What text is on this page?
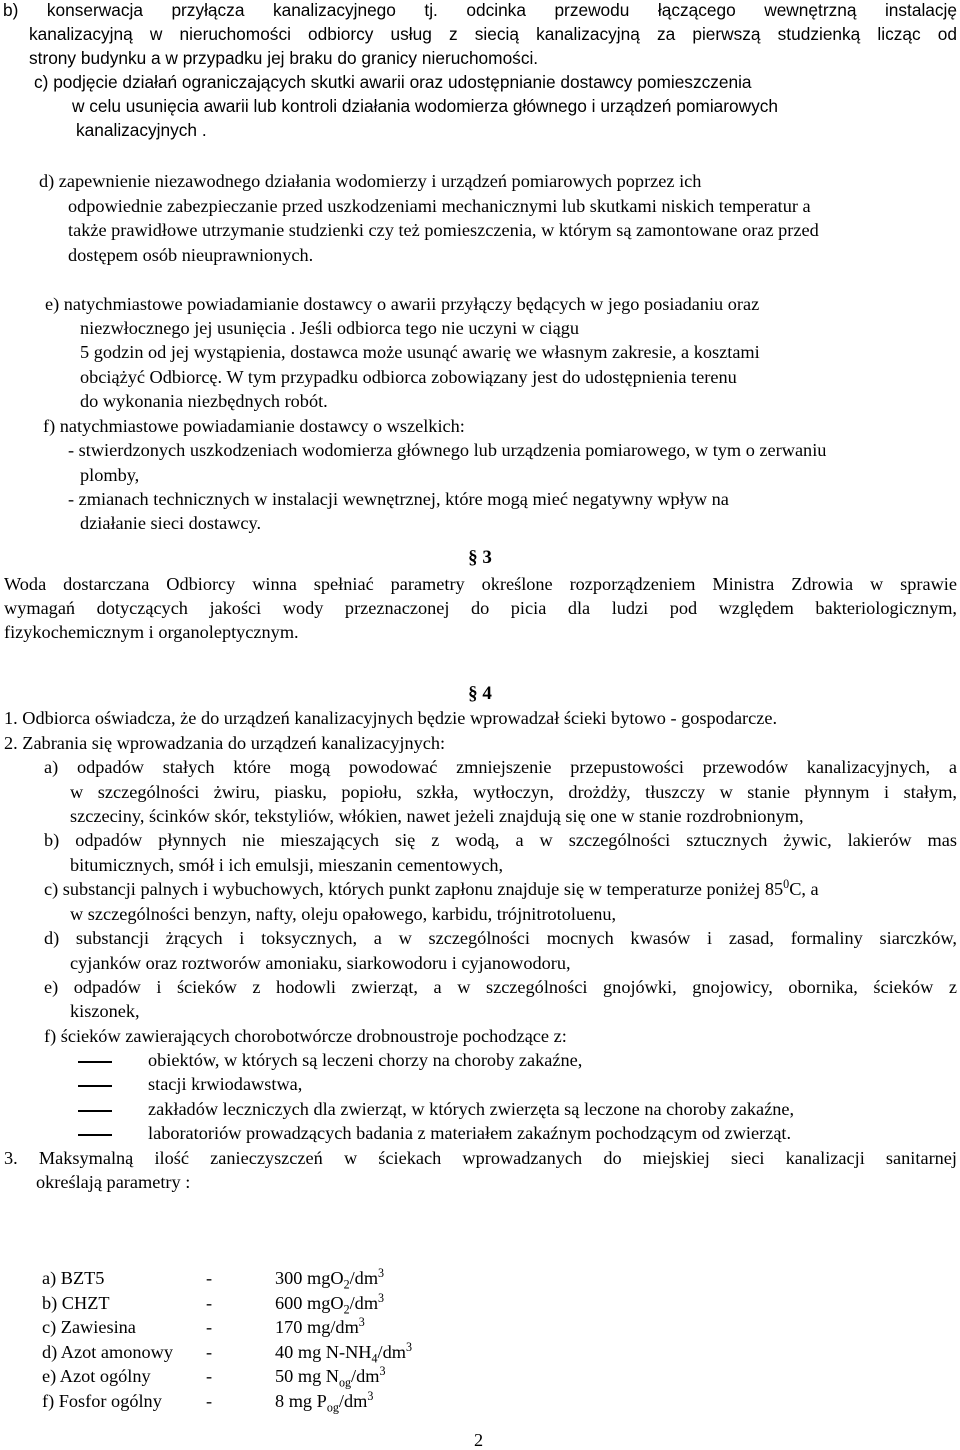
b) konserwacja przyłącza kanalizacyjnego tj. odcinka przewodu łączącego wewnętrzną instalację
kanalizacyjną w nieruchomości odbiorcy usług z siecią kanalizacyjną za pierwszą studzienką licząc od
strony budynku a w przypadku jej braku do granicy nieruchomości.
c) podjęcie działań ograniczających skutki awarii oraz udostępnianie dostawcy pomieszczenia
w celu usunięcia awarii lub kontroli działania wodomierza głównego i urządzeń pomiarowych
kanalizacyjnych .
d) zapewnienie niezawodnego działania wodomierzy i urządzeń pomiarowych poprzez ich
odpowiednie zabezpieczanie przed uszkodzeniami mechanicznymi lub skutkami niskich temperatur a
także prawidłowe utrzymanie studzienki czy też pomieszczenia, w którym są zamontowane oraz przed
dostępem osób nieuprawnionych.
e) natychmiastowe powiadamianie dostawcy o awarii przyłączy będących w jego posiadaniu oraz
niezwłocznego jej usunięcia . Jeśli odbiorca tego nie uczyni w ciągu
5 godzin od jej wystąpienia, dostawca może usunąć awarię we własnym zakresie, a kosztami
obciążyć Odbiorcę. W tym przypadku odbiorca zobowiązany jest do udostępnienia terenu
do wykonania niezbędnych robót.
f) natychmiastowe powiadamianie dostawcy o wszelkich:
- stwierdzonych uszkodzeniach wodomierza głównego lub urządzenia pomiarowego, w tym o zerwaniu
plomby,
- zmianach technicznych w instalacji wewnętrznej, które mogą mieć negatywny wpływ na
działanie sieci dostawcy.
§ 3
Woda dostarczana Odbiorcy winna spełniać parametry określone rozporządzeniem Ministra Zdrowia w sprawie
wymagań dotyczących jakości wody przeznaczonej do picia dla ludzi pod względem bakteriologicznym,
fizykochemicznym i organoleptycznym.
§ 4
1. Odbiorca oświadcza, że do urządzeń kanalizacyjnych będzie wprowadzał ścieki bytowo - gospodarcze.
2. Zabrania się wprowadzania do urządzeń kanalizacyjnych:
a) odpadów stałych które mogą powodować zmniejszenie przepustowości przewodów kanalizacyjnych, a
w szczególności żwiru, piasku, popiołu, szkła, wytłoczyn, drożdży, tłuszczy w stanie płynnym i stałym,
szczeciny, ścinków skór, tekstyliów, włókien, nawet jeżeli znajdują się one w stanie rozdrobnionym,
b) odpadów płynnych nie mieszających się z wodą, a w szczególności sztucznych żywic, lakierów mas
bitumicznych, smół i ich emulsji, mieszanin cementowych,
c) substancji palnych i wybuchowych, których punkt zapłonu znajduje się w temperaturze poniżej $85^0C$, a
w szczególności benzyn, nafty, oleju opałowego, karbidu, trójnitrotoluenu,
d) substancji żrących i toksycznych, a w szczególności mocnych kwasów i zasad, formaliny siarczków,
cyjanków oraz roztworów amoniaku, siarkowodoru i cyjanowodoru,
e) odpadów i ścieków z hodowli zwierząt, a w szczególności gnojówki, gnojowicy, obornika, ścieków z
kiszonek,
f) ścieków zawierających chorobotwórcze drobnoustroje pochodzące z:
obiektów, w których są leczeni chorzy na choroby zakaźne,
stacji krwiodawstwa,
zakładów leczniczych dla zwierząt, w których zwierzęta są leczone na choroby zakaźne,
laboratoriów prowadzących badania z materiałem zakaźnym pochodzącym od zwierząt.
3. Maksymalną ilość zanieczyszczeń w ściekach wprowadzanych do miejskiej sieci kanalizacji sanitarnej
określają parametry :
a) BZT5	-	300 $mgO_2/dm^3$
b) CHZT	-	600 $mgO_2/dm^3$
c) Zawiesina	-	170 $mg/dm^3$
d) Azot amonowy -	40 mg $N-NH_4/dm^3$
e) Azot ogólny	-	50 mg $N_{og}/dm^3$
f) Fosfor ogólny -	8 mg $P_{og}/dm^3$
2
